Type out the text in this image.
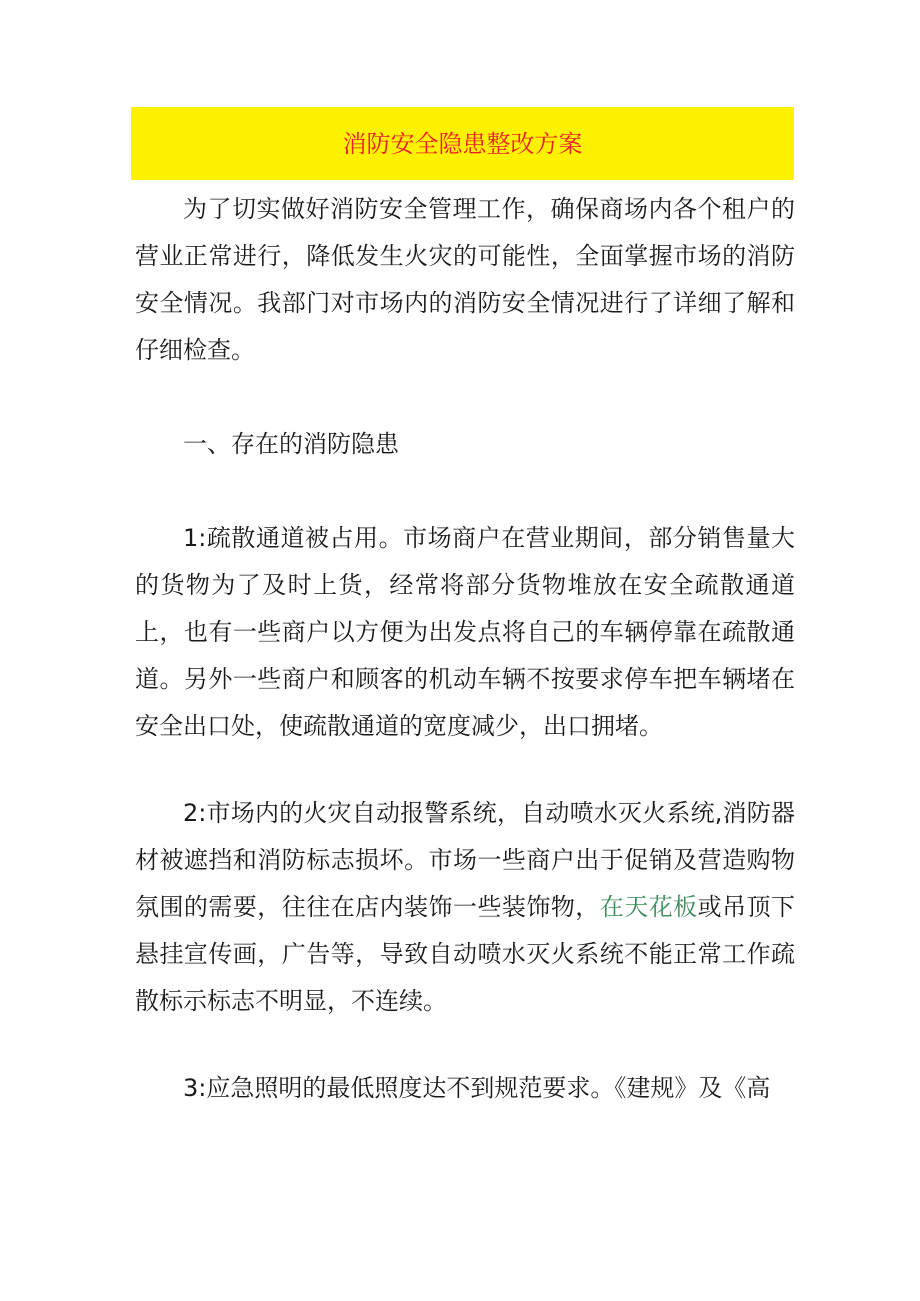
消防安全隐患整改方案

为了切实做好消防安全管理工作，确保商场内各个租户的营业正常进行，降低发生火灾的可能性，全面掌握市场的消防安全情况。我部门对市场内的消防安全情况进行了详细了解和仔细检查。

一、存在的消防隐患

1:疏散通道被占用。市场商户在营业期间，部分销售量大的货物为了及时上货，经常将部分货物堆放在安全疏散通道上，也有一些商户以方便为出发点将自己的车辆停靠在疏散通道。另外一些商户和顾客的机动车辆不按要求停车把车辆堵在安全出口处，使疏散通道的宽度减少，出口拥堵。

2:市场内的火灾自动报警系统，自动喷水灭火系统,消防器材被遮挡和消防标志损坏。市场一些商户出于促销及营造购物氛围的需要，往往在店内装饰一些装饰物，在天花板或吊顶下悬挂宣传画，广告等，导致自动喷水灭火系统不能正常工作疏散标示标志不明显，不连续。

3:应急照明的最低照度达不到规范要求。《建规》及《高
